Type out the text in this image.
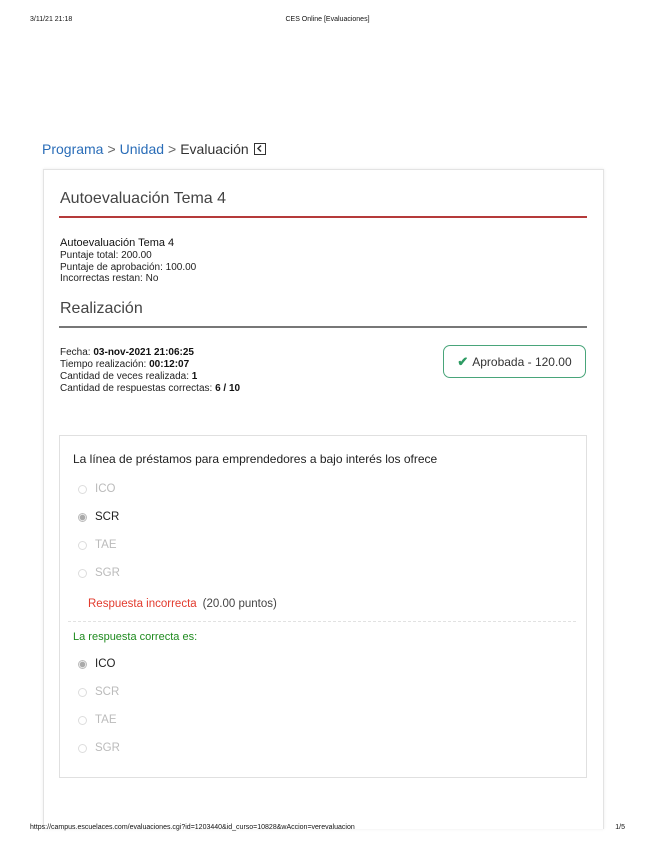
3/11/21 21:18	CES Online [Evaluaciones]
Programa > Unidad > Evaluación
Autoevaluación Tema 4
Autoevaluación Tema 4
Puntaje total: 200.00
Puntaje de aprobación: 100.00
Incorrectas restan: No
Realización
Fecha: 03-nov-2021 21:06:25
Tiempo realización: 00:12:07
Cantidad de veces realizada: 1
Cantidad de respuestas correctas: 6 / 10
✔ Aprobada - 120.00
La línea de préstamos para emprendedores a bajo interés los ofrece
ICO
SCR
TAE
SGR
Respuesta incorrecta (20.00 puntos)
La respuesta correcta es:
ICO
SCR
TAE
SGR
https://campus.escuelaces.com/evaluaciones.cgi?id=1203440&id_curso=10828&wAccion=verevaluacion	1/5
